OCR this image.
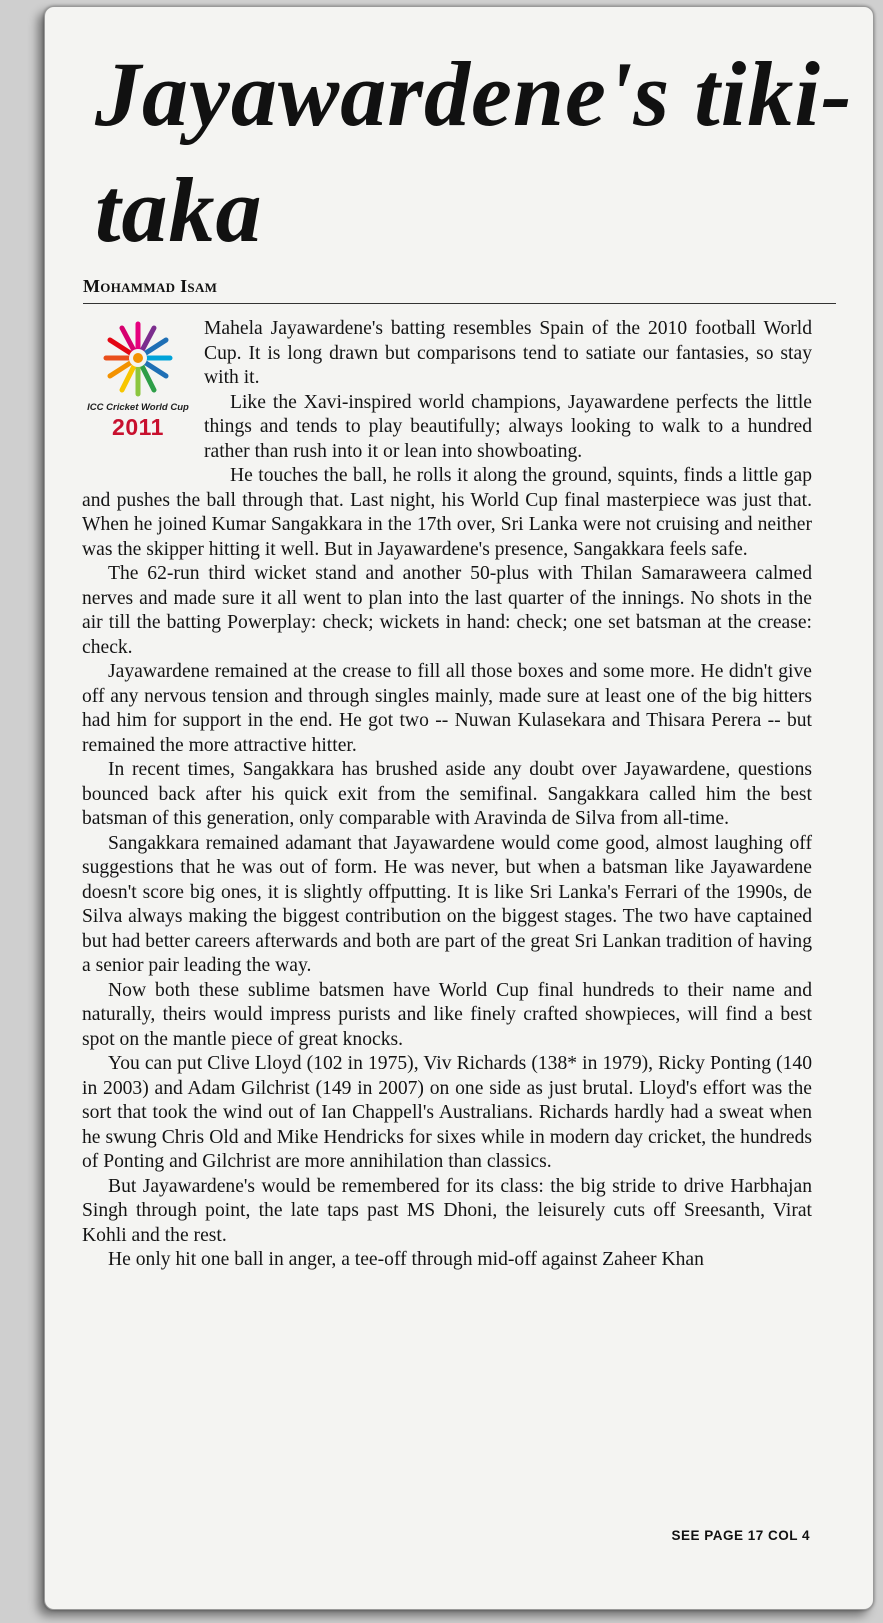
Jayawardene's tiki-taka
Mohammad Isam
ICC Cricket World Cup
2011

Mahela Jayawardene's batting resembles Spain of the 2010 football World Cup. It is long drawn but comparisons tend to satiate our fantasies, so stay with it.

Like the Xavi-inspired world champions, Jayawardene perfects the little things and tends to play beautifully; always looking to walk to a hundred rather than rush into it or lean into showboating.

He touches the ball, he rolls it along the ground, squints, finds a little gap and pushes the ball through that. Last night, his World Cup final masterpiece was just that. When he joined Kumar Sangakkara in the 17th over, Sri Lanka were not cruising and neither was the skipper hitting it well. But in Jayawardene's presence, Sangakkara feels safe.

The 62-run third wicket stand and another 50-plus with Thilan Samaraweera calmed nerves and made sure it all went to plan into the last quarter of the innings. No shots in the air till the batting Powerplay: check; wickets in hand: check; one set batsman at the crease: check.

Jayawardene remained at the crease to fill all those boxes and some more. He didn't give off any nervous tension and through singles mainly, made sure at least one of the big hitters had him for support in the end. He got two -- Nuwan Kulasekara and Thisara Perera -- but remained the more attractive hitter.

In recent times, Sangakkara has brushed aside any doubt over Jayawardene, questions bounced back after his quick exit from the semifinal. Sangakkara called him the best batsman of this generation, only comparable with Aravinda de Silva from all-time.

Sangakkara remained adamant that Jayawardene would come good, almost laughing off suggestions that he was out of form. He was never, but when a batsman like Jayawardene doesn't score big ones, it is slightly offputting. It is like Sri Lanka's Ferrari of the 1990s, de Silva always making the biggest contribution on the biggest stages. The two have captained but had better careers afterwards and both are part of the great Sri Lankan tradition of having a senior pair leading the way.

Now both these sublime batsmen have World Cup final hundreds to their name and naturally, theirs would impress purists and like finely crafted showpieces, will find a best spot on the mantle piece of great knocks.

You can put Clive Lloyd (102 in 1975), Viv Richards (138* in 1979), Ricky Ponting (140 in 2003) and Adam Gilchrist (149 in 2007) on one side as just brutal. Lloyd's effort was the sort that took the wind out of Ian Chappell's Australians. Richards hardly had a sweat when he swung Chris Old and Mike Hendricks for sixes while in modern day cricket, the hundreds of Ponting and Gilchrist are more annihilation than classics.

But Jayawardene's would be remembered for its class: the big stride to drive Harbhajan Singh through point, the late taps past MS Dhoni, the leisurely cuts off Sreesanth, Virat Kohli and the rest.

He only hit one ball in anger, a tee-off through mid-off against Zaheer Khan

SEE PAGE 17 COL 4
